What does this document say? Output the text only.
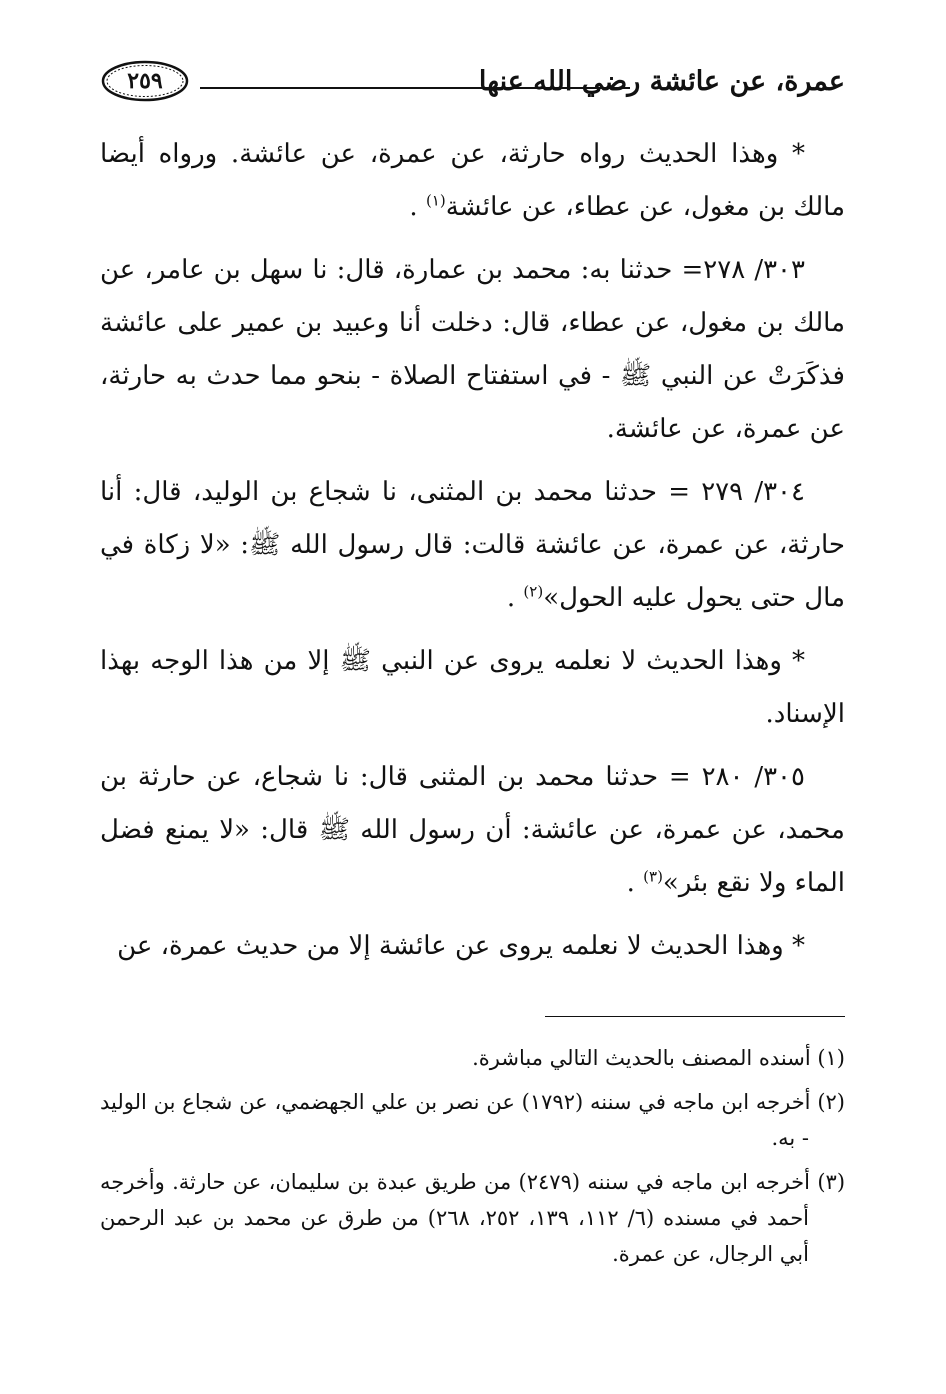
عمرة، عن عائشة رضي الله عنها
٢٥٩

* وهذا الحديث رواه حارثة، عن عمرة، عن عائشة. ورواه أيضا مالك بن مغول، عن عطاء، عن عائشة$^{(١)}$ .

٣٠٣/ ٢٧٨= حدثنا به: محمد بن عمارة، قال: نا سهل بن عامر، عن مالك بن مغول، عن عطاء، قال: دخلت أنا وعبيد بن عمير على عائشة فذكَرَتْ عن النبي ﷺ - في استفتاح الصلاة - بنحو مما حدث به حارثة، عن عمرة، عن عائشة.

٣٠٤/ ٢٧٩ = حدثنا محمد بن المثنى، نا شجاع بن الوليد، قال: أنا حارثة، عن عمرة، عن عائشة قالت: قال رسول الله ﷺ: «لا زكاة في مال حتى يحول عليه الحول»$^{(٢)}$ .

* وهذا الحديث لا نعلمه يروى عن النبي ﷺ إلا من هذا الوجه بهذا الإسناد.

٣٠٥/ ٢٨٠ = حدثنا محمد بن المثنى قال: نا شجاع، عن حارثة بن محمد، عن عمرة، عن عائشة: أن رسول الله ﷺ قال: «لا يمنع فضل الماء ولا نقع بئر»$^{(٣)}$ .

* وهذا الحديث لا نعلمه يروى عن عائشة إلا من حديث عمرة، عن

(١) أسنده المصنف بالحديث التالي مباشرة.

(٢) أخرجه ابن ماجه في سننه (١٧٩٢) عن نصر بن علي الجهضمي، عن شجاع بن الوليد - به.

(٣) أخرجه ابن ماجه في سننه (٢٤٧٩) من طريق عبدة بن سليمان، عن حارثة. وأخرجه أحمد في مسنده (٦/ ١١٢، ١٣٩، ٢٥٢، ٢٦٨) من طرق عن محمد بن عبد الرحمن أبي الرجال، عن عمرة.
